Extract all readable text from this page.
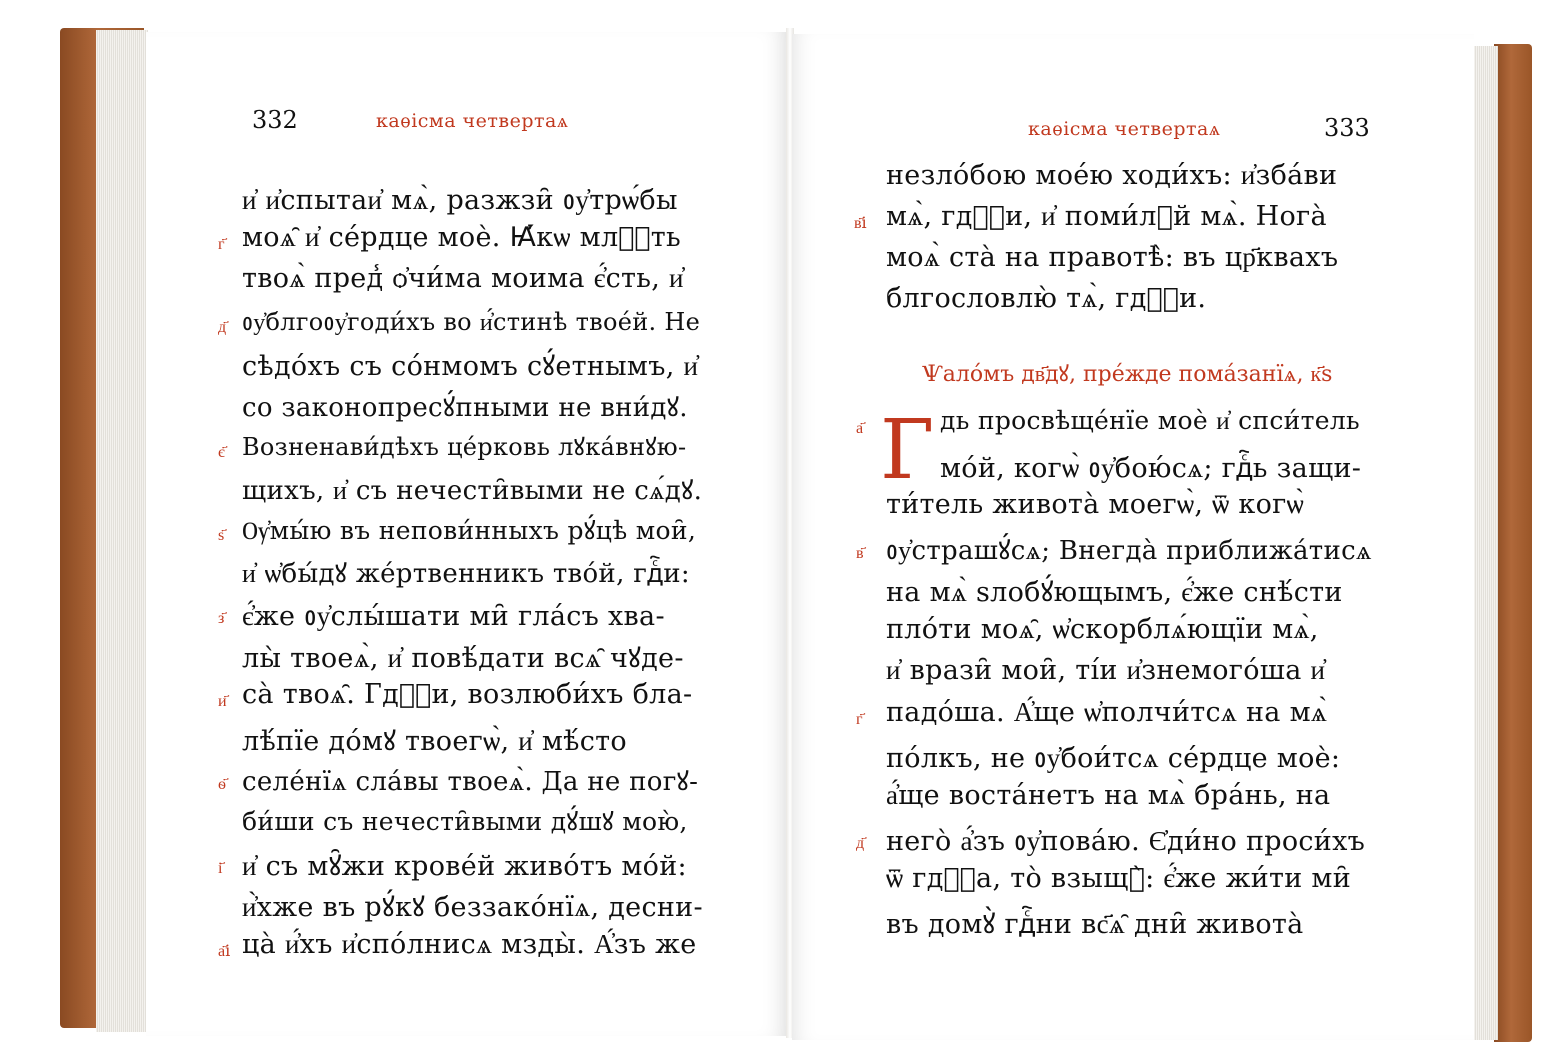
332	каѳісма четвертаѧ
и҆ и҆спытаи҆ мѧ̀, разжзи̑ ᲂу҆трѡ́бы
г҃ моѧ̑ и҆ се́рдце моѐ. Ꙗ҆́кѡ млⷭ҇ть
твоѧ̀ пред̾ ѻ҆чи́ма моима є҆́сть, и҆
д҃ ᲂу҆блгоᲂу҆годи́хъ во и҆́стинѣ твое́й. Не
сѣдо́хъ съ со́нмомъ сꙋ́етнымъ, и҆
со законопресꙋ́пными не вни́дꙋ.
є҃ Возненави́дѣхъ це́рковь лꙋка́внꙋю-
щихъ, и҆ съ нечести̑выми не сѧ́дꙋ.
ѕ҃ Ѹ҆мы́ю въ непови́нныхъ рꙋ́цѣ мои̑,
и҆ ѡ҆бы́дꙋ же́ртвенникъ тво́й, гдⷭ҇и:
з҃ є҆́же ᲂу҆слы́шати ми̑ гла́съ хва-
лы̀ твоеѧ̀, и҆ повѣ́дати всѧ̑ чꙋде-
и҃ са̀ твоѧ̑. Гдⷭ҇и, возлюби́хъ бла-
лѣ́пїе до́мꙋ твоегѡ̀, и҆ мѣ́сто
ѳ҃ селе́нїѧ сла́вы твоеѧ̀. Да не погꙋ-
би́ши съ нечести̑выми дꙋ́шꙋ мою̀,
і҃ и҆ съ мꙋ̑жи крове́й живо́тъ мо́й:
и҆̀хже въ рꙋ́кꙋ беззако́нїѧ, десни-
а҃і ца̀ и҆́хъ и҆спо́лнисѧ мзды̀. А҆́зъ же
каѳісма четвертаѧ	333
незло́бою мое́ю ходи́хъ: и҆зба́ви
в҃і мѧ̀, гдⷭ҇и, и҆ поми́лꙋй мѧ̀. Нога̀
моѧ̀ ста̀ на правотѣ̀: въ цр҃квахъ
блгословлю̀ тѧ̀, гдⷭ҇и.
Ѱало́мъ дв҃дꙋ, пре́жде пома́занїѧ, к҃ѕ
Г
а҃	дь просвѣще́нїе моѐ и҆ спси́тель
мо́й, когѡ̀ ᲂу҆бою́сѧ; гдⷭ҇ь защи-
ти́тель живота̀ моегѡ̀, ѿ когѡ̀
в҃ ᲂу҆страшꙋ́сѧ; Внегда̀ приближа́тисѧ
на мѧ̀ ѕлобꙋ́ющымъ, є҆́же снѣ́сти
пло́ти моѧ̑, ѡ҆скорблѧ́ющїи мѧ̀,
и҆ врази̑ мои̑, ті́и и҆знемого́ша и҆
г҃ падо́ша. А҆́ще ѡ҆полчи́тсѧ на мѧ̀
по́лкъ, не ᲂу҆бои́тсѧ се́рдце моѐ:
а҆́ще воста́нетъ на мѧ̀ бра́нь, на
д҃ него̀ а҆́зъ ᲂу҆пова́ю. Є҆ди́но проси́хъ
ѿ гдⷭ҇а, то̀ взыщꙋ̀: є҆́же жи́ти ми̑
въ домꙋ̀ гдⷭ҇ни вс҃ѧ̑ дни̑ живота̀
